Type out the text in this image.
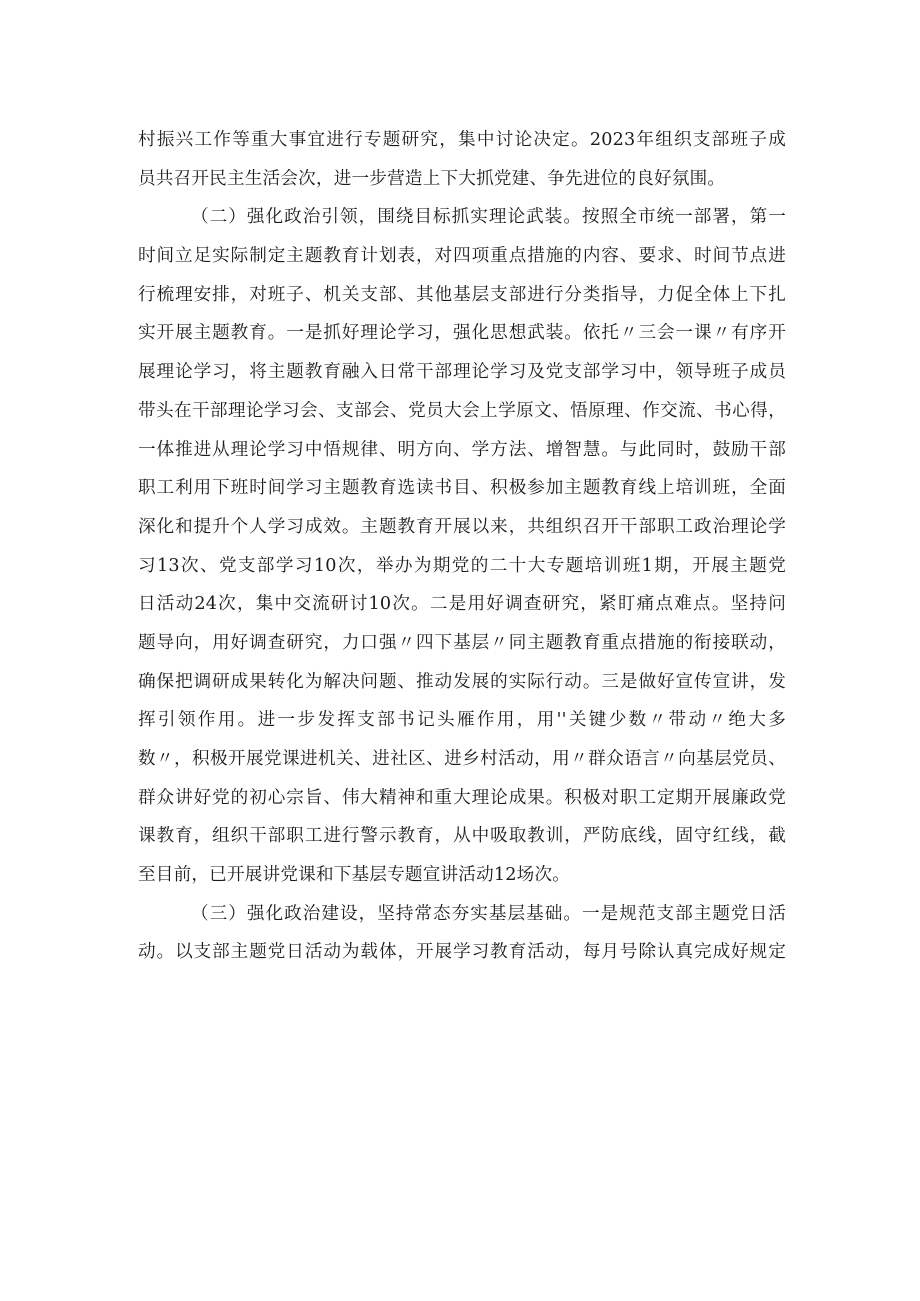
村振兴工作等重大事宜进行专题研究，集中讨论决定。2023年组织支部班子成
员共召开民主生活会次，进一步营造上下大抓党建、争先进位的良好氛围。
（二）强化政治引领，围绕目标抓实理论武装。按照全市统一部署，第一
时间立足实际制定主题教育计划表，对四项重点措施的内容、要求、时间节点进
行梳理安排，对班子、机关支部、其他基层支部进行分类指导，力促全体上下扎
实开展主题教育。一是抓好理论学习，强化思想武装。依托〃三会一课〃有序开
展理论学习，将主题教育融入日常干部理论学习及党支部学习中，领导班子成员
带头在干部理论学习会、支部会、党员大会上学原文、悟原理、作交流、书心得，
一体推进从理论学习中悟规律、明方向、学方法、增智慧。与此同时，鼓励干部
职工利用下班时间学习主题教育选读书目、积极参加主题教育线上培训班，全面
深化和提升个人学习成效。主题教育开展以来，共组织召开干部职工政治理论学
习13次、党支部学习10次，举办为期党的二十大专题培训班1期，开展主题党
日活动24次，集中交流研讨10次。二是用好调查研究，紧盯痛点难点。坚持问
题导向，用好调查研究，力口强〃四下基层〃同主题教育重点措施的衔接联动，
确保把调研成果转化为解决问题、推动发展的实际行动。三是做好宣传宣讲，发
挥引领作用。进一步发挥支部书记头雁作用，用''关键少数〃带动〃绝大多
数〃，积极开展党课进机关、进社区、进乡村活动，用〃群众语言〃向基层党员、
群众讲好党的初心宗旨、伟大精神和重大理论成果。积极对职工定期开展廉政党
课教育，组织干部职工进行警示教育，从中吸取教训，严防底线，固守红线，截
至目前，已开展讲党课和下基层专题宣讲活动12场次。
（三）强化政治建设，坚持常态夯实基层基础。一是规范支部主题党日活
动。以支部主题党日活动为载体，开展学习教育活动，每月号除认真完成好规定
